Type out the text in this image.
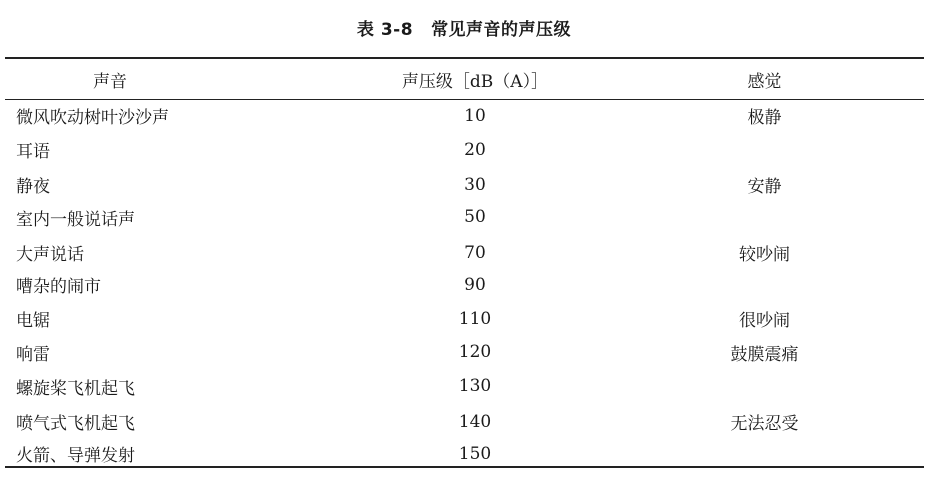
表 3-8 常见声音的声压级
声音	声压级［dB（A）］	感觉
微风吹动树叶沙沙声	10	极静
耳语	20	
静夜	30	安静
室内一般说话声	50	
大声说话	70	较吵闹
嘈杂的闹市	90	
电锯	110	很吵闹
响雷	120	鼓膜震痛
螺旋桨飞机起飞	130	
喷气式飞机起飞	140	无法忍受
火箭、导弹发射	150	
